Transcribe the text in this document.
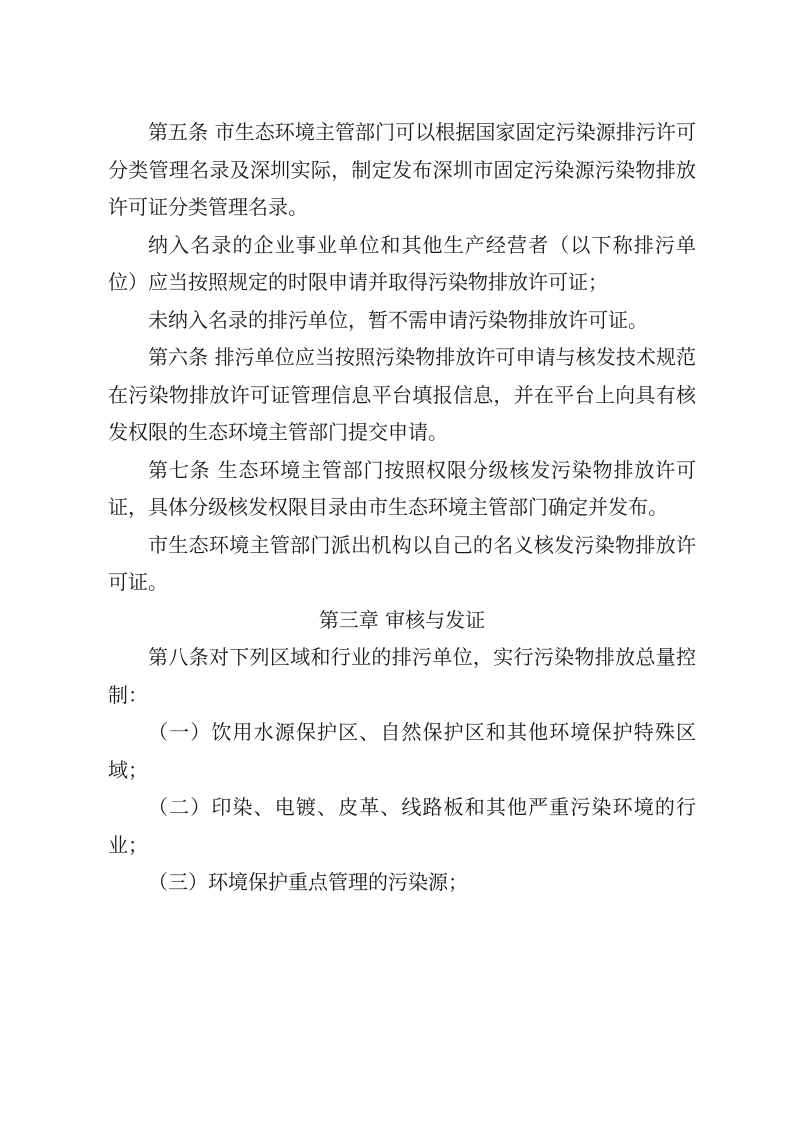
第五条 市生态环境主管部门可以根据国家固定污染源排污许可分类管理名录及深圳实际，制定发布深圳市固定污染源污染物排放许可证分类管理名录。

纳入名录的企业事业单位和其他生产经营者（以下称排污单位）应当按照规定的时限申请并取得污染物排放许可证；

未纳入名录的排污单位，暂不需申请污染物排放许可证。

第六条 排污单位应当按照污染物排放许可申请与核发技术规范在污染物排放许可证管理信息平台填报信息，并在平台上向具有核发权限的生态环境主管部门提交申请。

第七条 生态环境主管部门按照权限分级核发污染物排放许可证，具体分级核发权限目录由市生态环境主管部门确定并发布。

市生态环境主管部门派出机构以自己的名义核发污染物排放许可证。

第三章 审核与发证

第八条对下列区域和行业的排污单位，实行污染物排放总量控制：

（一）饮用水源保护区、自然保护区和其他环境保护特殊区域；

（二）印染、电镀、皮革、线路板和其他严重污染环境的行业；

（三）环境保护重点管理的污染源；
